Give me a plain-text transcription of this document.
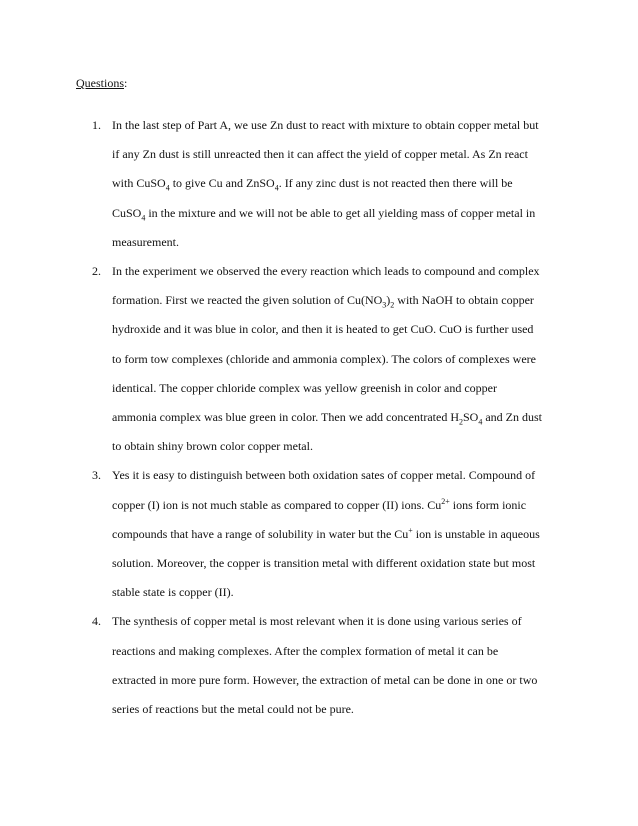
Questions:
1. In the last step of Part A, we use Zn dust to react with mixture to obtain copper metal but
if any Zn dust is still unreacted then it can affect the yield of copper metal. As Zn react
with CuSO$_4$ to give Cu and ZnSO$_4$. If any zinc dust is not reacted then there will be
CuSO$_4$ in the mixture and we will not be able to get all yielding mass of copper metal in
measurement.
2. In the experiment we observed the every reaction which leads to compound and complex
formation. First we reacted the given solution of $Cu(NO_3)_2$ with NaOH to obtain copper
hydroxide and it was blue in color, and then it is heated to get CuO. CuO is further used
to form tow complexes (chloride and ammonia complex). The colors of complexes were
identical. The copper chloride complex was yellow greenish in color and copper
ammonia complex was blue green in color. Then we add concentrated $H_2SO_4$ and Zn dust
to obtain shiny brown color copper metal.
3. Yes it is easy to distinguish between both oxidation sates of copper metal. Compound of
copper (I) ion is not much stable as compared to copper (II) ions. $Cu^{2+}$ ions form ionic
compounds that have a range of solubility in water but the Cu+ ion is unstable in aqueous
solution. Moreover, the copper is transition metal with different oxidation state but most
stable state is copper (II).
4. The synthesis of copper metal is most relevant when it is done using various series of
reactions and making complexes. After the complex formation of metal it can be
extracted in more pure form. However, the extraction of metal can be done in one or two
series of reactions but the metal could not be pure.
